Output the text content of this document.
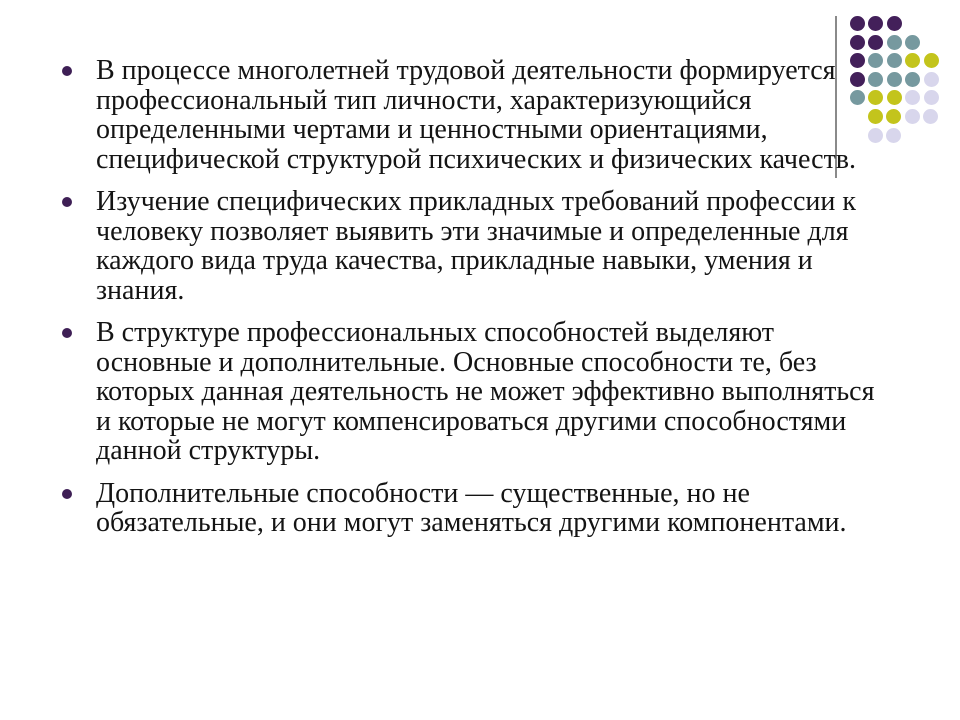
В процессе многолетней трудовой деятельности формируется профессиональный тип личности, характеризующийся определенными чертами и ценностными ориентациями, специфической структурой психических и физических качеств.
Изучение специфических прикладных требований профессии к человеку позволяет выявить эти значимые и определенные для каждого вида труда качества, прикладные навыки, умения и знания.
В структуре профессиональных способностей выделяют основные и дополнительные. Основные способности те, без которых данная деятельность не может эффективно выполняться и которые не могут компенсироваться другими способностями данной структуры.
Дополнительные способности — существенные, но не обязательные, и они могут заменяться другими компонентами.
